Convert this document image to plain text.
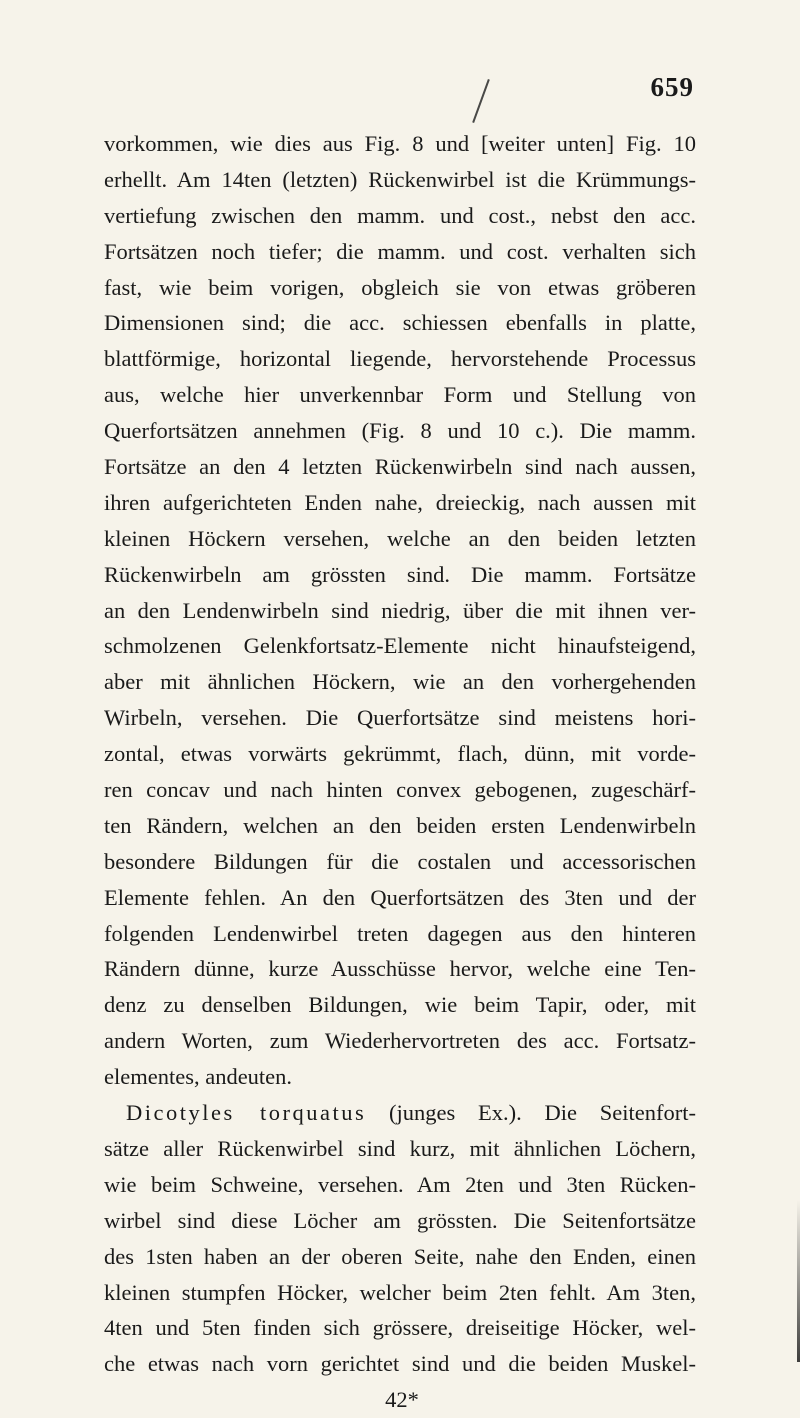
659
vorkommen, wie dies aus Fig. 8 und [weiter unten] Fig. 10
erhellt. Am 14ten (letzten) Rückenwirbel ist die Krümmungs-
vertiefung zwischen den mamm. und cost., nebst den acc.
Fortsätzen noch tiefer; die mamm. und cost. verhalten sich
fast, wie beim vorigen, obgleich sie von etwas gröberen
Dimensionen sind; die acc. schiessen ebenfalls in platte,
blattförmige, horizontal liegende, hervorstehende Processus
aus, welche hier unverkennbar Form und Stellung von
Querfortsätzen annehmen (Fig. 8 und 10 c.). Die mamm.
Fortsätze an den 4 letzten Rückenwirbeln sind nach aussen,
ihren aufgerichteten Enden nahe, dreieckig, nach aussen mit
kleinen Höckern versehen, welche an den beiden letzten
Rückenwirbeln am grössten sind. Die mamm. Fortsätze
an den Lendenwirbeln sind niedrig, über die mit ihnen ver-
schmolzenen Gelenkfortsatz-Elemente nicht hinaufsteigend,
aber mit ähnlichen Höckern, wie an den vorhergehenden
Wirbeln, versehen. Die Querfortsätze sind meistens hori-
zontal, etwas vorwärts gekrümmt, flach, dünn, mit vorde-
ren concav und nach hinten convex gebogenen, zugeschärf-
ten Rändern, welchen an den beiden ersten Lendenwirbeln
besondere Bildungen für die costalen und accessorischen
Elemente fehlen. An den Querfortsätzen des 3ten und der
folgenden Lendenwirbel treten dagegen aus den hinteren
Rändern dünne, kurze Ausschüsse hervor, welche eine Ten-
denz zu denselben Bildungen, wie beim Tapir, oder, mit
andern Worten, zum Wiederhervortreten des acc. Fortsatz-
elementes, andeuten.
Dicotyles torquatus (junges Ex.). Die Seitenfort-
sätze aller Rückenwirbel sind kurz, mit ähnlichen Löchern,
wie beim Schweine, versehen. Am 2ten und 3ten Rücken-
wirbel sind diese Löcher am grössten. Die Seitenfortsätze
des 1sten haben an der oberen Seite, nahe den Enden, einen
kleinen stumpfen Höcker, welcher beim 2ten fehlt. Am 3ten,
4ten und 5ten finden sich grössere, dreiseitige Höcker, wel-
che etwas nach vorn gerichtet sind und die beiden Muskel-
42*
